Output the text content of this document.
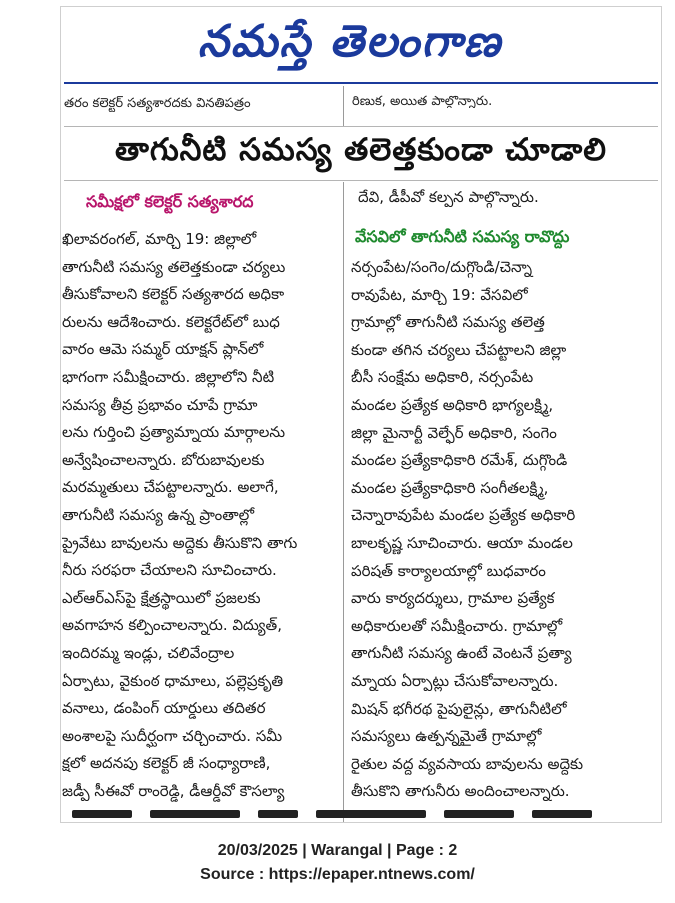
నమస్తే తెలంగాణ
తరం కలెక్టర్ సత్యశారదకు వినతిపత్రం	రిణుక, అయిత పాల్గొన్నారు.
తాగునీటి సమస్య తలెత్తకుండా చూడాలి
సమీక్షలో కలెక్టర్ సత్యశారద	దేవి, డీపీవో కల్పన పాల్గొన్నారు.
వేసవిలో తాగునీటి సమస్య రావొద్దు

ఖిలావరంగల్, మార్చి 19: జిల్లాలో

తాగునీటి సమస్య తలెత్తకుండా చర్యలు

తీసుకోవాలని కలెక్టర్ సత్యశారద అధికా

రులను ఆదేశించారు. కలెక్టరేట్‌లో బుధ

వారం ఆమె సమ్మర్ యాక్షన్ ప్లాన్‌లో

భాగంగా సమీక్షించారు. జిల్లాలోని నీటి

సమస్య తీవ్ర ప్రభావం చూపే గ్రామా

లను గుర్తించి ప్రత్యామ్నాయ మార్గాలను

అన్వేషించాలన్నారు. బోరుబావులకు

మరమ్మతులు చేపట్టాలన్నారు. అలాగే,

తాగునీటి సమస్య ఉన్న ప్రాంతాల్లో

ప్రైవేటు బావులను అద్దెకు తీసుకొని తాగు

నీరు సరఫరా చేయాలని సూచించారు.

ఎల్ఆర్ఎస్‌పై క్షేత్రస్థాయిలో ప్రజలకు

అవగాహన కల్పించాలన్నారు. విద్యుత్,

ఇందిరమ్మ ఇండ్లు, చలివేంద్రాల

ఏర్పాటు, వైకుంఠ ధామాలు, పల్లెప్రకృతి

వనాలు, డంపింగ్ యార్డులు తదితర

అంశాలపై సుదీర్ఘంగా చర్చించారు. సమీ

క్షలో అదనపు కలెక్టర్ జీ సంధ్యారాణి,

జడ్పీ సీఈవో రాంరెడ్డి, డీఆర్డీవో కౌసల్యా

నర్సంపేట/సంగెం/దుగ్గొండి/చెన్నా

రావుపేట, మార్చి 19: వేసవిలో

గ్రామాల్లో తాగునీటి సమస్య తలెత్త

కుండా తగిన చర్యలు చేపట్టాలని జిల్లా

బీసీ సంక్షేమ అధికారి, నర్సంపేట

మండల ప్రత్యేక అధికారి భాగ్యలక్ష్మి,

జిల్లా మైనార్టీ వెల్ఫేర్ అధికారి, సంగెం

మండల ప్రత్యేకాధికారి రమేశ్, దుగ్గొండి

మండల ప్రత్యేకాధికారి సంగీతలక్ష్మి,

చెన్నారావుపేట మండల ప్రత్యేక అధికారి

బాలకృష్ణ సూచించారు. ఆయా మండల

పరిషత్ కార్యాలయాల్లో బుధవారం

వారు కార్యదర్శులు, గ్రామాల ప్రత్యేక

అధికారులతో సమీక్షించారు. గ్రామాల్లో

తాగునీటి సమస్య ఉంటే వెంటనే ప్రత్యా

మ్నాయ ఏర్పాట్లు చేసుకోవాలన్నారు.

మిషన్ భగీరథ పైపులైన్లు, తాగునీటిలో

సమస్యలు ఉత్పన్నమైతే గ్రామాల్లో

రైతుల వద్ద వ్యవసాయ బావులను అద్దెకు

తీసుకొని తాగునీరు అందించాలన్నారు.

20/03/2025 | Warangal | Page : 2
Source : https://epaper.ntnews.com/
